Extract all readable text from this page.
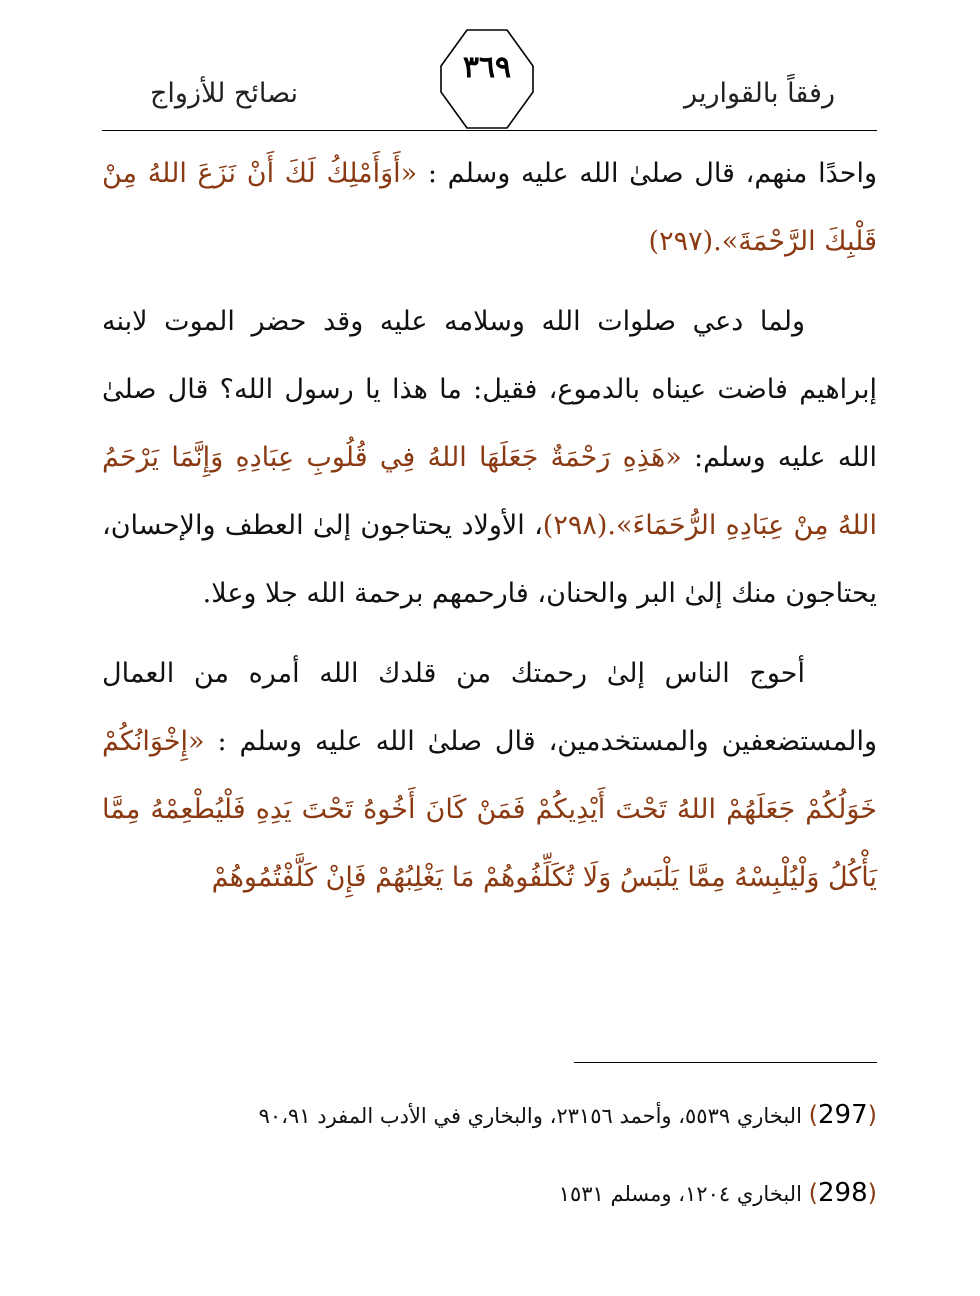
رفقاً بالقوارير
٣٦٩
نصائح للأزواج

واحدًا منهم، قال صلىٰ الله عليه وسلم : «أَوَأَمْلِكُ لَكَ أَنْ نَزَعَ اللهُ مِنْ قَلْبِكَ الرَّحْمَةَ».(٢٩٧)

ولما دعي صلوات الله وسلامه عليه وقد حضر الموت لابنه إبراهيم فاضت عيناه بالدموع، فقيل: ما هذا يا رسول الله؟ قال صلىٰ الله عليه وسلم: «هَذِهِ رَحْمَةٌ جَعَلَهَا اللهُ فِي قُلُوبِ عِبَادِهِ وَإِنَّمَا يَرْحَمُ اللهُ مِنْ عِبَادِهِ الرُّحَمَاءَ».(٢٩٨)، الأولاد يحتاجون إلىٰ العطف والإحسان، يحتاجون منك إلىٰ البر والحنان، فارحمهم برحمة الله جلا وعلا.

أحوج الناس إلىٰ رحمتك من قلدك الله أمره من العمال والمستضعفين والمستخدمين، قال صلىٰ الله عليه وسلم : «إِخْوَانُكُمْ خَوَلُكُمْ جَعَلَهُمْ اللهُ تَحْتَ أَيْدِيكُمْ فَمَنْ كَانَ أَخُوهُ تَحْتَ يَدِهِ فَلْيُطْعِمْهُ مِمَّا يَأْكُلُ وَلْيُلْبِسْهُ مِمَّا يَلْبَسُ وَلَا تُكَلِّفُوهُمْ مَا يَغْلِبُهُمْ فَإِنْ كَلَّفْتُمُوهُمْ

(297) البخاري ٥٥٣٩، وأحمد ٢٣١٥٦، والبخاري في الأدب المفرد ٩٠،٩١

(298) البخاري ١٢٠٤، ومسلم ١٥٣١
